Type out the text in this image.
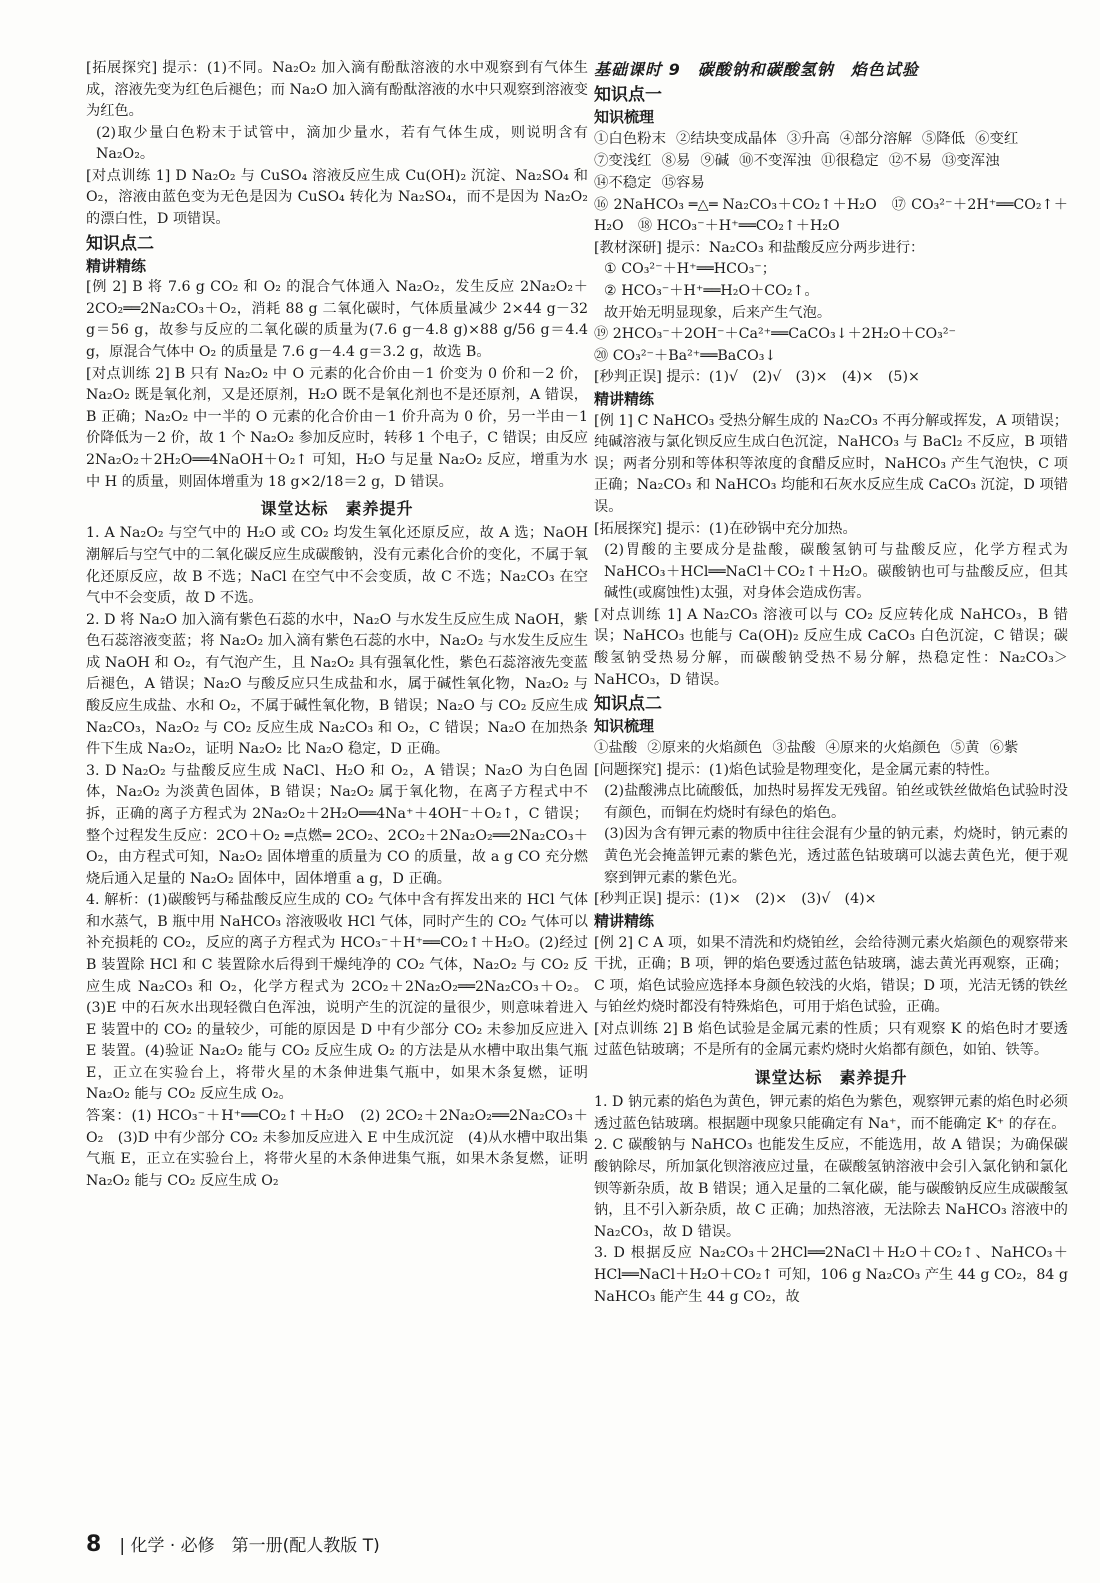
[拓展探究] 提示：(1)不同。Na₂O₂ 加入滴有酚酞溶液的水中观察到有气体生成，溶液先变为红色后褪色；而 Na₂O 加入滴有酚酞溶液的水中只观察到溶液变为红色。

(2)取少量白色粉末于试管中，滴加少量水，若有气体生成，则说明含有 Na₂O₂。

[对点训练 1] D Na₂O₂ 与 CuSO₄ 溶液反应生成 Cu(OH)₂ 沉淀、Na₂SO₄ 和 O₂，溶液由蓝色变为无色是因为 CuSO₄ 转化为 Na₂SO₄，而不是因为 Na₂O₂ 的漂白性，D 项错误。

知识点二
精讲精练

[例 2] B 将 7.6 g CO₂ 和 O₂ 的混合气体通入 Na₂O₂，发生反应 2Na₂O₂＋2CO₂══2Na₂CO₃＋O₂，消耗 88 g 二氧化碳时，气体质量减少 2×44 g－32 g＝56 g，故参与反应的二氧化碳的质量为(7.6 g－4.8 g)×88 g/56 g＝4.4 g，原混合气体中 O₂ 的质量是 7.6 g－4.4 g＝3.2 g，故选 B。

[对点训练 2] B 只有 Na₂O₂ 中 O 元素的化合价由－1 价变为 0 价和－2 价，Na₂O₂ 既是氧化剂，又是还原剂，H₂O 既不是氧化剂也不是还原剂，A 错误，B 正确；Na₂O₂ 中一半的 O 元素的化合价由－1 价升高为 0 价，另一半由－1 价降低为－2 价，故 1 个 Na₂O₂ 参加反应时，转移 1 个电子，C 错误；由反应 2Na₂O₂＋2H₂O══4NaOH＋O₂↑ 可知，H₂O 与足量 Na₂O₂ 反应，增重为水中 H 的质量，则固体增重为 18 g×2/18＝2 g，D 错误。

课堂达标　素养提升

1. A Na₂O₂ 与空气中的 H₂O 或 CO₂ 均发生氧化还原反应，故 A 选；NaOH 潮解后与空气中的二氧化碳反应生成碳酸钠，没有元素化合价的变化，不属于氧化还原反应，故 B 不选；NaCl 在空气中不会变质，故 C 不选；Na₂CO₃ 在空气中不会变质，故 D 不选。

2. D 将 Na₂O 加入滴有紫色石蕊的水中，Na₂O 与水发生反应生成 NaOH，紫色石蕊溶液变蓝；将 Na₂O₂ 加入滴有紫色石蕊的水中，Na₂O₂ 与水发生反应生成 NaOH 和 O₂，有气泡产生，且 Na₂O₂ 具有强氧化性，紫色石蕊溶液先变蓝后褪色，A 错误；Na₂O 与酸反应只生成盐和水，属于碱性氧化物，Na₂O₂ 与酸反应生成盐、水和 O₂，不属于碱性氧化物，B 错误；Na₂O 与 CO₂ 反应生成 Na₂CO₃，Na₂O₂ 与 CO₂ 反应生成 Na₂CO₃ 和 O₂，C 错误；Na₂O 在加热条件下生成 Na₂O₂，证明 Na₂O₂ 比 Na₂O 稳定，D 正确。

3. D Na₂O₂ 与盐酸反应生成 NaCl、H₂O 和 O₂，A 错误；Na₂O 为白色固体，Na₂O₂ 为淡黄色固体，B 错误；Na₂O₂ 属于氧化物，在离子方程式中不拆，正确的离子方程式为 2Na₂O₂＋2H₂O══4Na⁺＋4OH⁻＋O₂↑，C 错误；整个过程发生反应：2CO＋O₂ ═点燃═ 2CO₂、2CO₂＋2Na₂O₂══2Na₂CO₃＋O₂，由方程式可知，Na₂O₂ 固体增重的质量为 CO 的质量，故 a g CO 充分燃烧后通入足量的 Na₂O₂ 固体中，固体增重 a g，D 正确。

4. 解析：(1)碳酸钙与稀盐酸反应生成的 CO₂ 气体中含有挥发出来的 HCl 气体和水蒸气，B 瓶中用 NaHCO₃ 溶液吸收 HCl 气体，同时产生的 CO₂ 气体可以补充损耗的 CO₂，反应的离子方程式为 HCO₃⁻＋H⁺══CO₂↑＋H₂O。(2)经过 B 装置除 HCl 和 C 装置除水后得到干燥纯净的 CO₂ 气体，Na₂O₂ 与 CO₂ 反应生成 Na₂CO₃ 和 O₂，化学方程式为 2CO₂＋2Na₂O₂══2Na₂CO₃＋O₂。(3)E 中的石灰水出现轻微白色浑浊，说明产生的沉淀的量很少，则意味着进入 E 装置中的 CO₂ 的量较少，可能的原因是 D 中有少部分 CO₂ 未参加反应进入 E 装置。(4)验证 Na₂O₂ 能与 CO₂ 反应生成 O₂ 的方法是从水槽中取出集气瓶 E，正立在实验台上，将带火星的木条伸进集气瓶中，如果木条复燃，证明 Na₂O₂ 能与 CO₂ 反应生成 O₂。

答案：(1) HCO₃⁻＋H⁺══CO₂↑＋H₂O　(2) 2CO₂＋2Na₂O₂══2Na₂CO₃＋O₂　(3)D 中有少部分 CO₂ 未参加反应进入 E 中生成沉淀　(4)从水槽中取出集气瓶 E，正立在实验台上，将带火星的木条伸进集气瓶，如果木条复燃，证明 Na₂O₂ 能与 CO₂ 反应生成 O₂

基础课时 9　碳酸钠和碳酸氢钠　焰色试验
知识点一
知识梳理
①白色粉末 ②结块变成晶体 ③升高 ④部分溶解 ⑤降低 ⑥变红
⑦变浅红 ⑧易 ⑨碱 ⑩不变浑浊 ⑪很稳定 ⑫不易 ⑬变浑浊
⑭不稳定 ⑮容易

⑯ 2NaHCO₃ ═△═ Na₂CO₃＋CO₂↑＋H₂O　⑰ CO₃²⁻＋2H⁺══CO₂↑＋H₂O　⑱ HCO₃⁻＋H⁺══CO₂↑＋H₂O

[教材深研] 提示：Na₂CO₃ 和盐酸反应分两步进行：

① CO₃²⁻＋H⁺══HCO₃⁻；

② HCO₃⁻＋H⁺══H₂O＋CO₂↑。

故开始无明显现象，后来产生气泡。

⑲ 2HCO₃⁻＋2OH⁻＋Ca²⁺══CaCO₃↓＋2H₂O＋CO₃²⁻

⑳ CO₃²⁻＋Ba²⁺══BaCO₃↓

[秒判正误] 提示：(1)√　(2)√　(3)×　(4)×　(5)×

精讲精练

[例 1] C NaHCO₃ 受热分解生成的 Na₂CO₃ 不再分解或挥发，A 项错误；纯碱溶液与氯化钡反应生成白色沉淀，NaHCO₃ 与 BaCl₂ 不反应，B 项错误；两者分别和等体积等浓度的食醋反应时，NaHCO₃ 产生气泡快，C 项正确；Na₂CO₃ 和 NaHCO₃ 均能和石灰水反应生成 CaCO₃ 沉淀，D 项错误。

[拓展探究] 提示：(1)在砂锅中充分加热。

(2)胃酸的主要成分是盐酸，碳酸氢钠可与盐酸反应，化学方程式为 NaHCO₃＋HCl══NaCl＋CO₂↑＋H₂O。碳酸钠也可与盐酸反应，但其碱性(或腐蚀性)太强，对身体会造成伤害。

[对点训练 1] A Na₂CO₃ 溶液可以与 CO₂ 反应转化成 NaHCO₃，B 错误；NaHCO₃ 也能与 Ca(OH)₂ 反应生成 CaCO₃ 白色沉淀，C 错误；碳酸氢钠受热易分解，而碳酸钠受热不易分解，热稳定性：Na₂CO₃＞NaHCO₃，D 错误。

知识点二
知识梳理
①盐酸 ②原来的火焰颜色 ③盐酸 ④原来的火焰颜色 ⑤黄 ⑥紫

[问题探究] 提示：(1)焰色试验是物理变化，是金属元素的特性。

(2)盐酸沸点比硫酸低，加热时易挥发无残留。铂丝或铁丝做焰色试验时没有颜色，而铜在灼烧时有绿色的焰色。

(3)因为含有钾元素的物质中往往会混有少量的钠元素，灼烧时，钠元素的黄色光会掩盖钾元素的紫色光，透过蓝色钴玻璃可以滤去黄色光，便于观察到钾元素的紫色光。

[秒判正误] 提示：(1)×　(2)×　(3)√　(4)×

精讲精练

[例 2] C A 项，如果不清洗和灼烧铂丝，会给待测元素火焰颜色的观察带来干扰，正确；B 项，钾的焰色要透过蓝色钴玻璃，滤去黄光再观察，正确；C 项，焰色试验应选择本身颜色较浅的火焰，错误；D 项，光洁无锈的铁丝与铂丝灼烧时都没有特殊焰色，可用于焰色试验，正确。

[对点训练 2] B 焰色试验是金属元素的性质；只有观察 K 的焰色时才要透过蓝色钴玻璃；不是所有的金属元素灼烧时火焰都有颜色，如铂、铁等。

课堂达标　素养提升

1. D 钠元素的焰色为黄色，钾元素的焰色为紫色，观察钾元素的焰色时必须透过蓝色钴玻璃。根据题中现象只能确定有 Na⁺，而不能确定 K⁺ 的存在。

2. C 碳酸钠与 NaHCO₃ 也能发生反应，不能选用，故 A 错误；为确保碳酸钠除尽，所加氯化钡溶液应过量，在碳酸氢钠溶液中会引入氯化钠和氯化钡等新杂质，故 B 错误；通入足量的二氧化碳，能与碳酸钠反应生成碳酸氢钠，且不引入新杂质，故 C 正确；加热溶液，无法除去 NaHCO₃ 溶液中的 Na₂CO₃，故 D 错误。

3. D 根据反应 Na₂CO₃＋2HCl══2NaCl＋H₂O＋CO₂↑、NaHCO₃＋HCl══NaCl＋H₂O＋CO₂↑ 可知，106 g Na₂CO₃ 产生 44 g CO₂，84 g NaHCO₃ 能产生 44 g CO₂，故

8 | 化学 · 必修　第一册(配人教版 T)
